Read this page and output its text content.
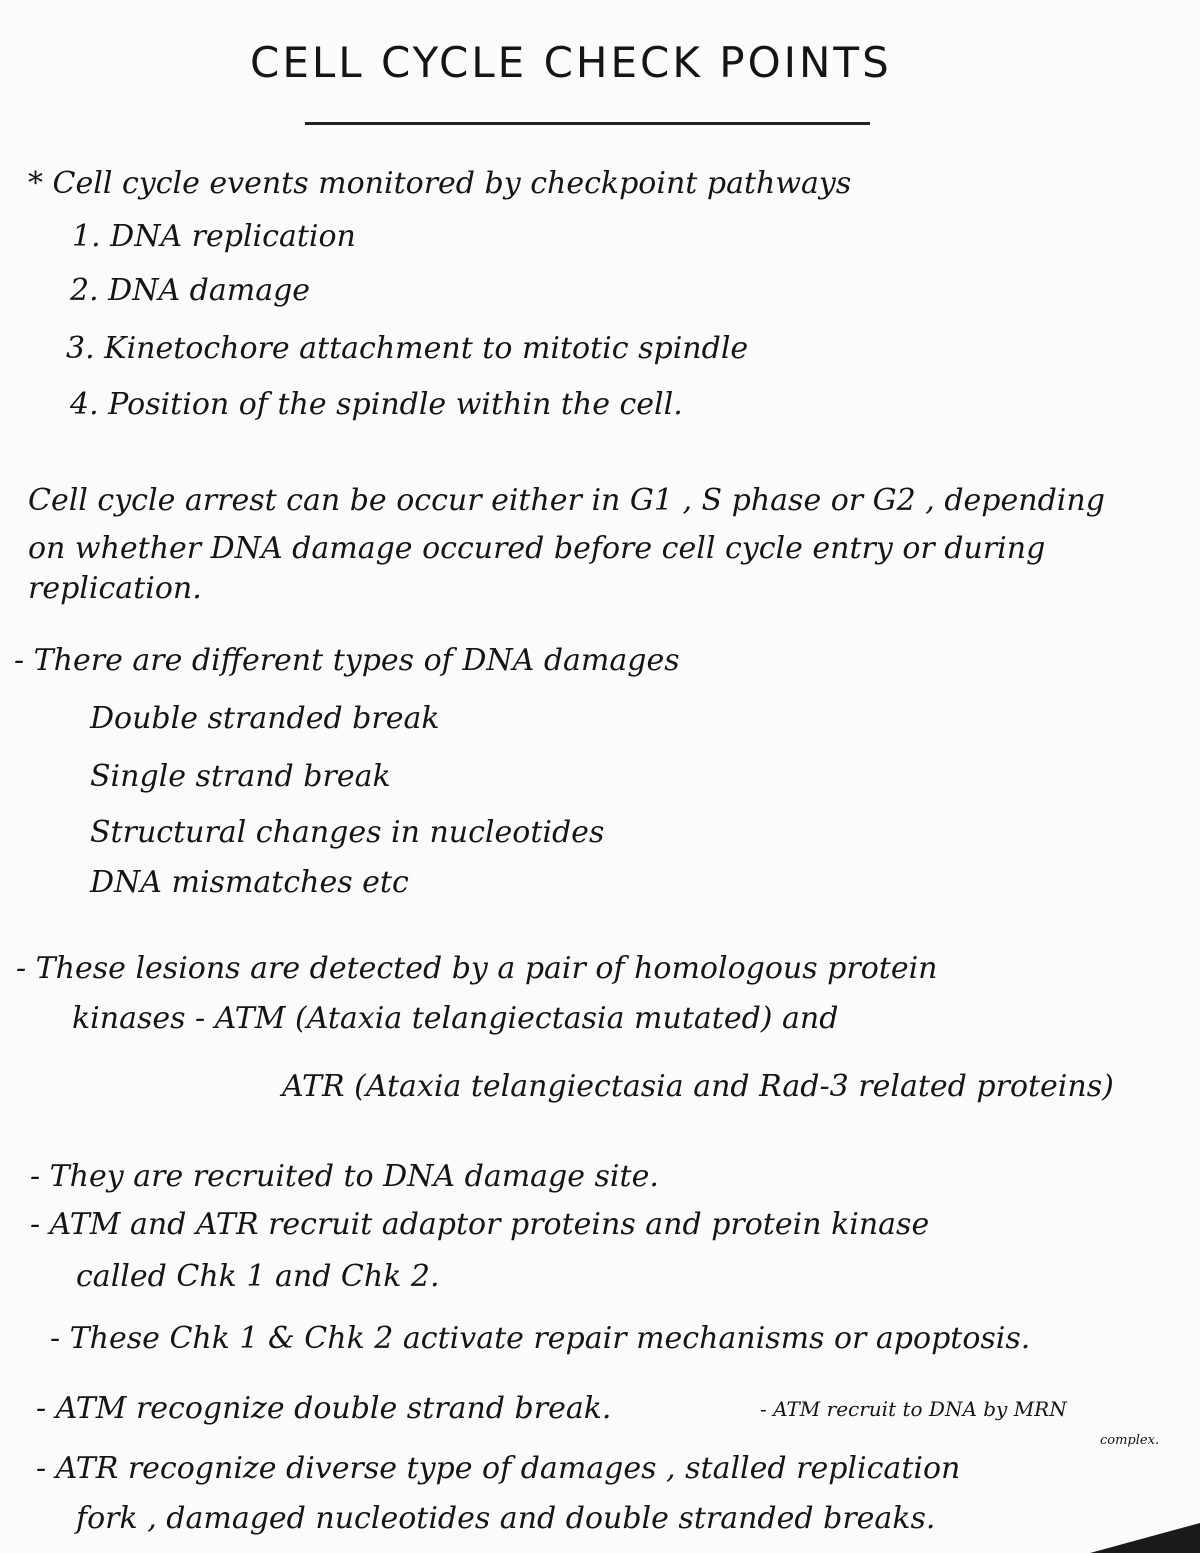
CELL CYCLE CHECK POINTS
* Cell cycle events monitored by checkpoint pathways
1. DNA replication
2. DNA damage
3. Kinetochore attachment to mitotic spindle
4. Position of the spindle within the cell.
Cell cycle arrest can be occur either in G1 , S phase or G2 , depending
on whether DNA damage occured before cell cycle entry or during
replication.
- There are different types of DNA damages
Double stranded break
Single strand break
Structural changes in nucleotides
DNA mismatches etc
- These lesions are detected by a pair of homologous protein
kinases - ATM (Ataxia telangiectasia mutated) and
ATR (Ataxia telangiectasia and Rad-3 related proteins)
- They are recruited to DNA damage site.
- ATM and ATR recruit adaptor proteins and protein kinase
called Chk 1 and Chk 2.
- These Chk 1 & Chk 2 activate repair mechanisms or apoptosis.
- ATM recognize double strand break.	- ATM recruit to DNA by MRN
complex.
- ATR recognize diverse type of damages , stalled replication
fork , damaged nucleotides and double stranded breaks.
